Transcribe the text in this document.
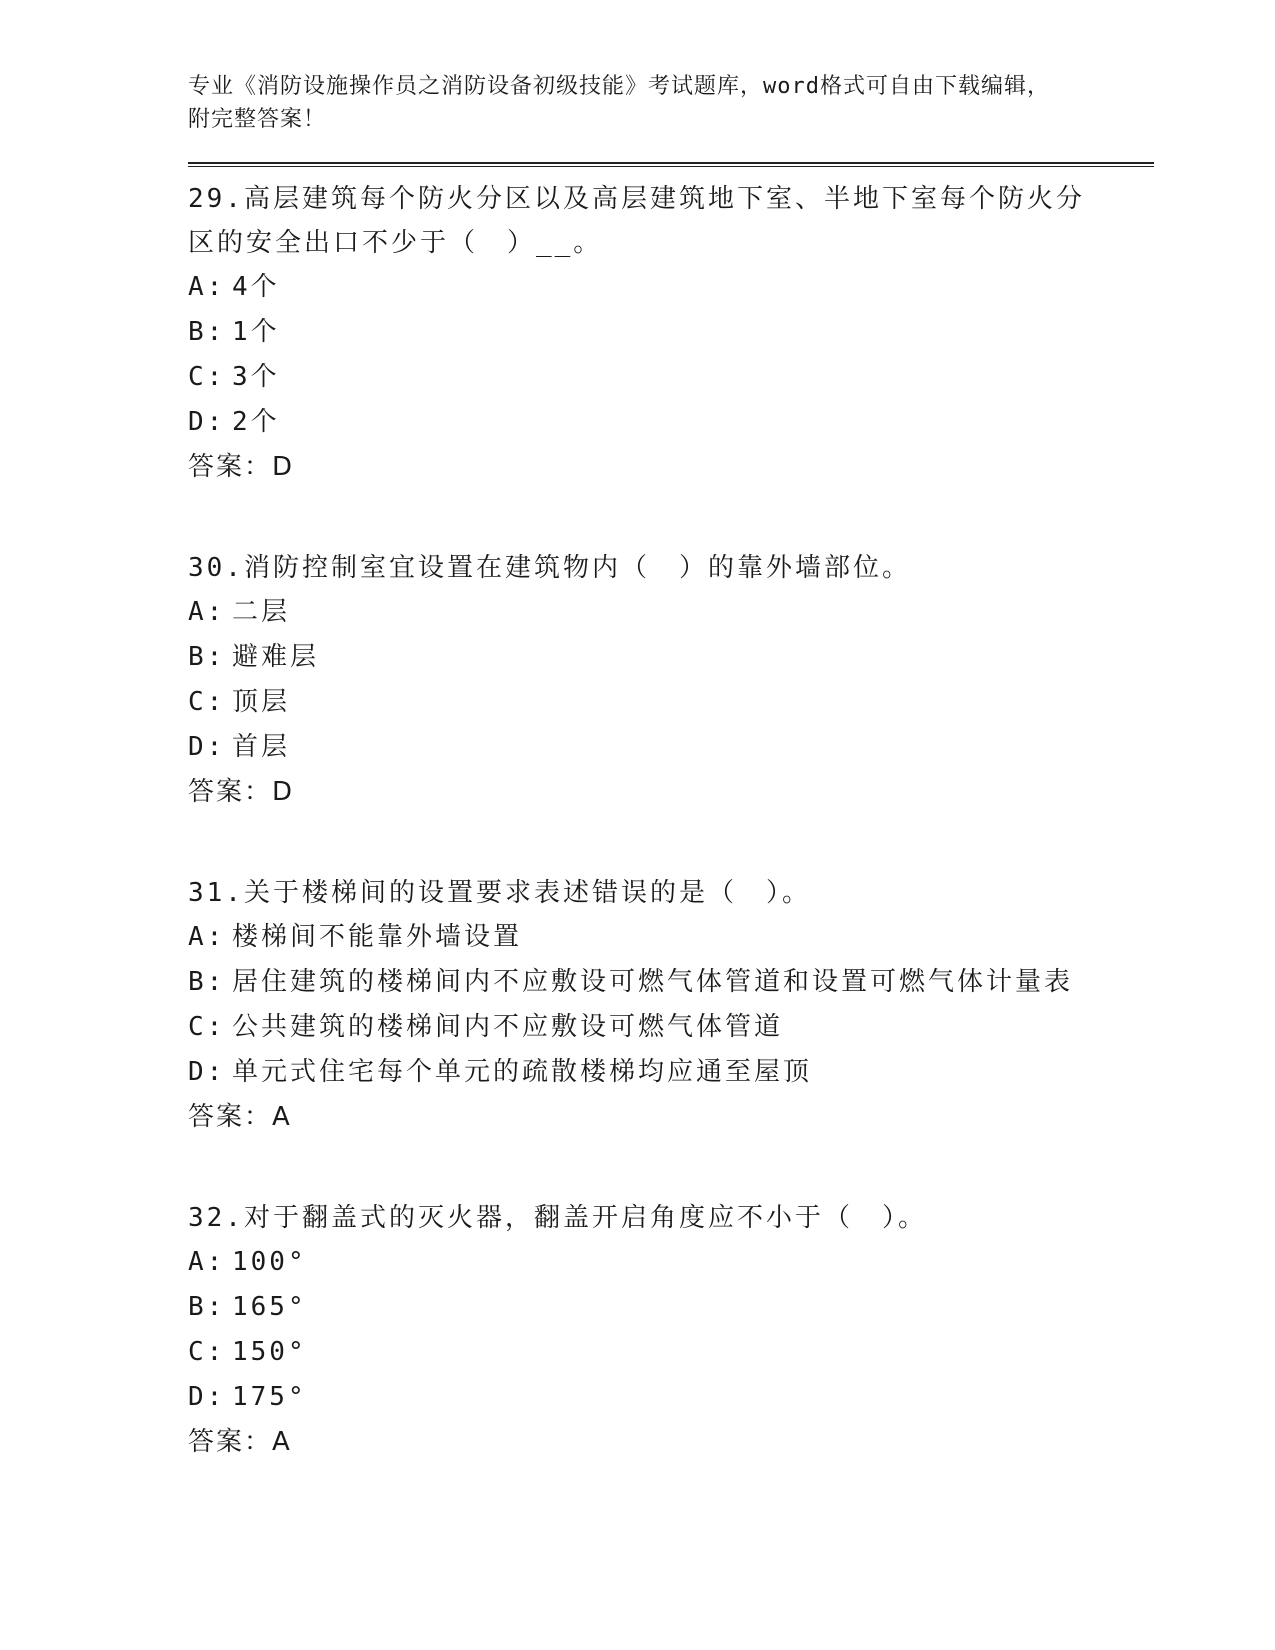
专业《消防设施操作员之消防设备初级技能》考试题库，word格式可自由下载编辑，附完整答案！
29.高层建筑每个防火分区以及高层建筑地下室、半地下室每个防火分区的安全出口不少于（　）__。
A: 4个
B: 1个
C: 3个
D: 2个
答案：D
30.消防控制室宜设置在建筑物内（　）的靠外墙部位。
A: 二层
B: 避难层
C: 顶层
D: 首层
答案：D
31.关于楼梯间的设置要求表述错误的是（　）。
A: 楼梯间不能靠外墙设置
B: 居住建筑的楼梯间内不应敷设可燃气体管道和设置可燃气体计量表
C: 公共建筑的楼梯间内不应敷设可燃气体管道
D: 单元式住宅每个单元的疏散楼梯均应通至屋顶
答案：A
32.对于翻盖式的灭火器，翻盖开启角度应不小于（　）。
A: 100°
B: 165°
C: 150°
D: 175°
答案：A
